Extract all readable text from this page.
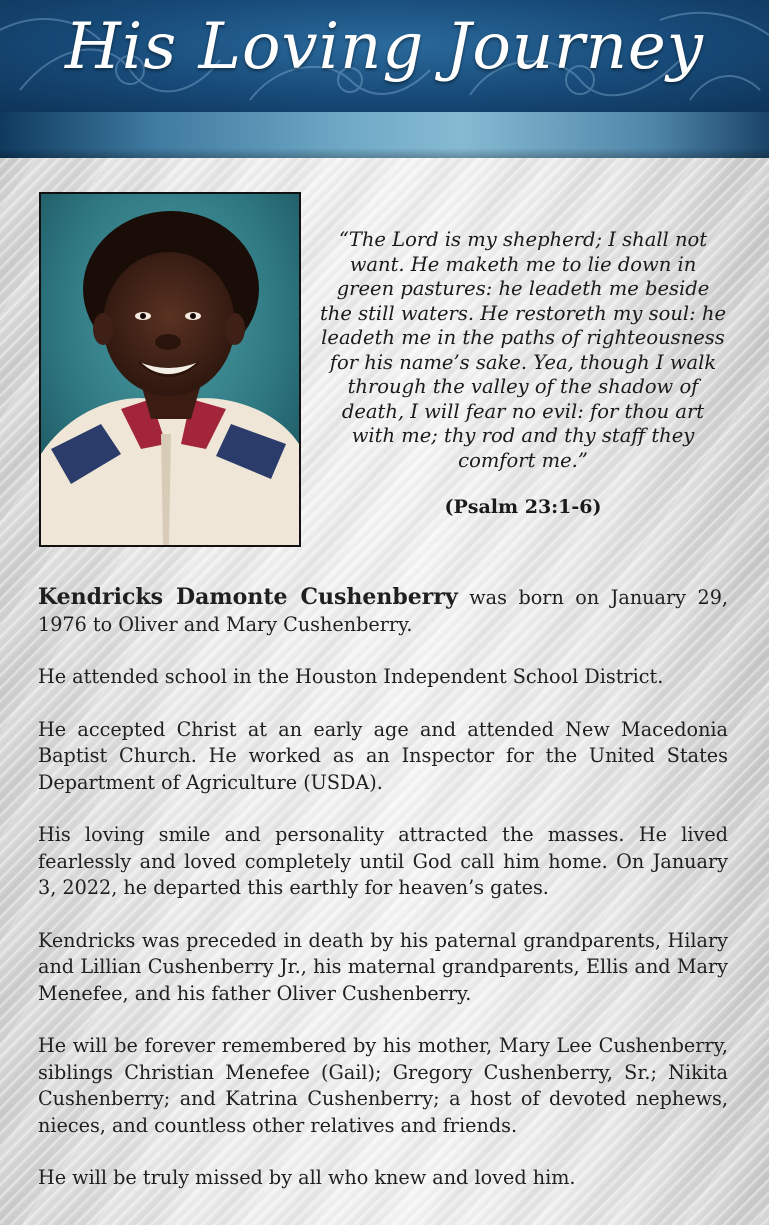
His Loving Journey

“The Lord is my shepherd; I shall not want. He maketh me to lie down in green pastures: he leadeth me beside the still waters. He restoreth my soul: he leadeth me in the paths of righteousness for his name’s sake. Yea, though I walk through the valley of the shadow of death, I will fear no evil: for thou art with me; thy rod and thy staff they comfort me.”

(Psalm 23:1-6)

Kendricks Damonte Cushenberry was born on January 29, 1976 to Oliver and Mary Cushenberry.

He attended school in the Houston Independent School District.

He accepted Christ at an early age and attended New Macedonia Baptist Church. He worked as an Inspector for the United States Department of Agriculture (USDA).

His loving smile and personality attracted the masses. He lived fearlessly and loved completely until God call him home. On January 3, 2022, he departed this earthly for heaven’s gates.

Kendricks was preceded in death by his paternal grandparents, Hilary and Lillian Cushenberry Jr., his maternal grandparents, Ellis and Mary Menefee, and his father Oliver Cushenberry.

He will be forever remembered by his mother, Mary Lee Cushenberry, siblings Christian Menefee (Gail); Gregory Cushenberry, Sr.; Nikita Cushenberry; and Katrina Cushenberry; a host of devoted nephews, nieces, and countless other relatives and friends.

He will be truly missed by all who knew and loved him.
